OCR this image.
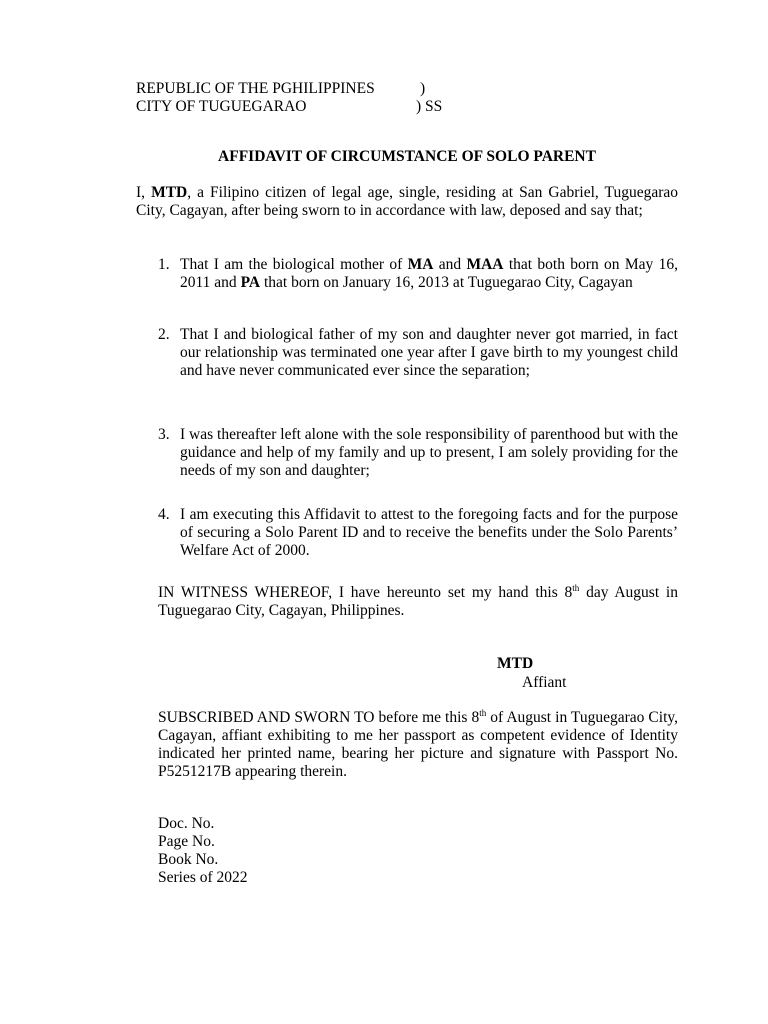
REPUBLIC OF THE PGHILIPPINES	)
CITY OF TUGUEGARAO	) SS
AFFIDAVIT OF CIRCUMSTANCE OF SOLO PARENT
I, MTD, a Filipino citizen of legal age, single, residing at San Gabriel, Tuguegarao City, Cagayan, after being sworn to in accordance with law, deposed and say that;
1. That I am the biological mother of MA and MAA that both born on May 16, 2011 and PA that born on January 16, 2013 at Tuguegarao City, Cagayan
2. That I and biological father of my son and daughter never got married, in fact our relationship was terminated one year after I gave birth to my youngest child and have never communicated ever since the separation;
3. I was thereafter left alone with the sole responsibility of parenthood but with the guidance and help of my family and up to present, I am solely providing for the needs of my son and daughter;
4. I am executing this Affidavit to attest to the foregoing facts and for the purpose of securing a Solo Parent ID and to receive the benefits under the Solo Parents’ Welfare Act of 2000.
IN WITNESS WHEREOF, I have hereunto set my hand this 8th day August in Tuguegarao City, Cagayan, Philippines.
MTD
Affiant
SUBSCRIBED AND SWORN TO before me this 8th of August in Tuguegarao City, Cagayan, affiant exhibiting to me her passport as competent evidence of Identity indicated her printed name, bearing her picture and signature with Passport No. P5251217B appearing therein.
Doc. No.
Page No.
Book No.
Series of 2022
